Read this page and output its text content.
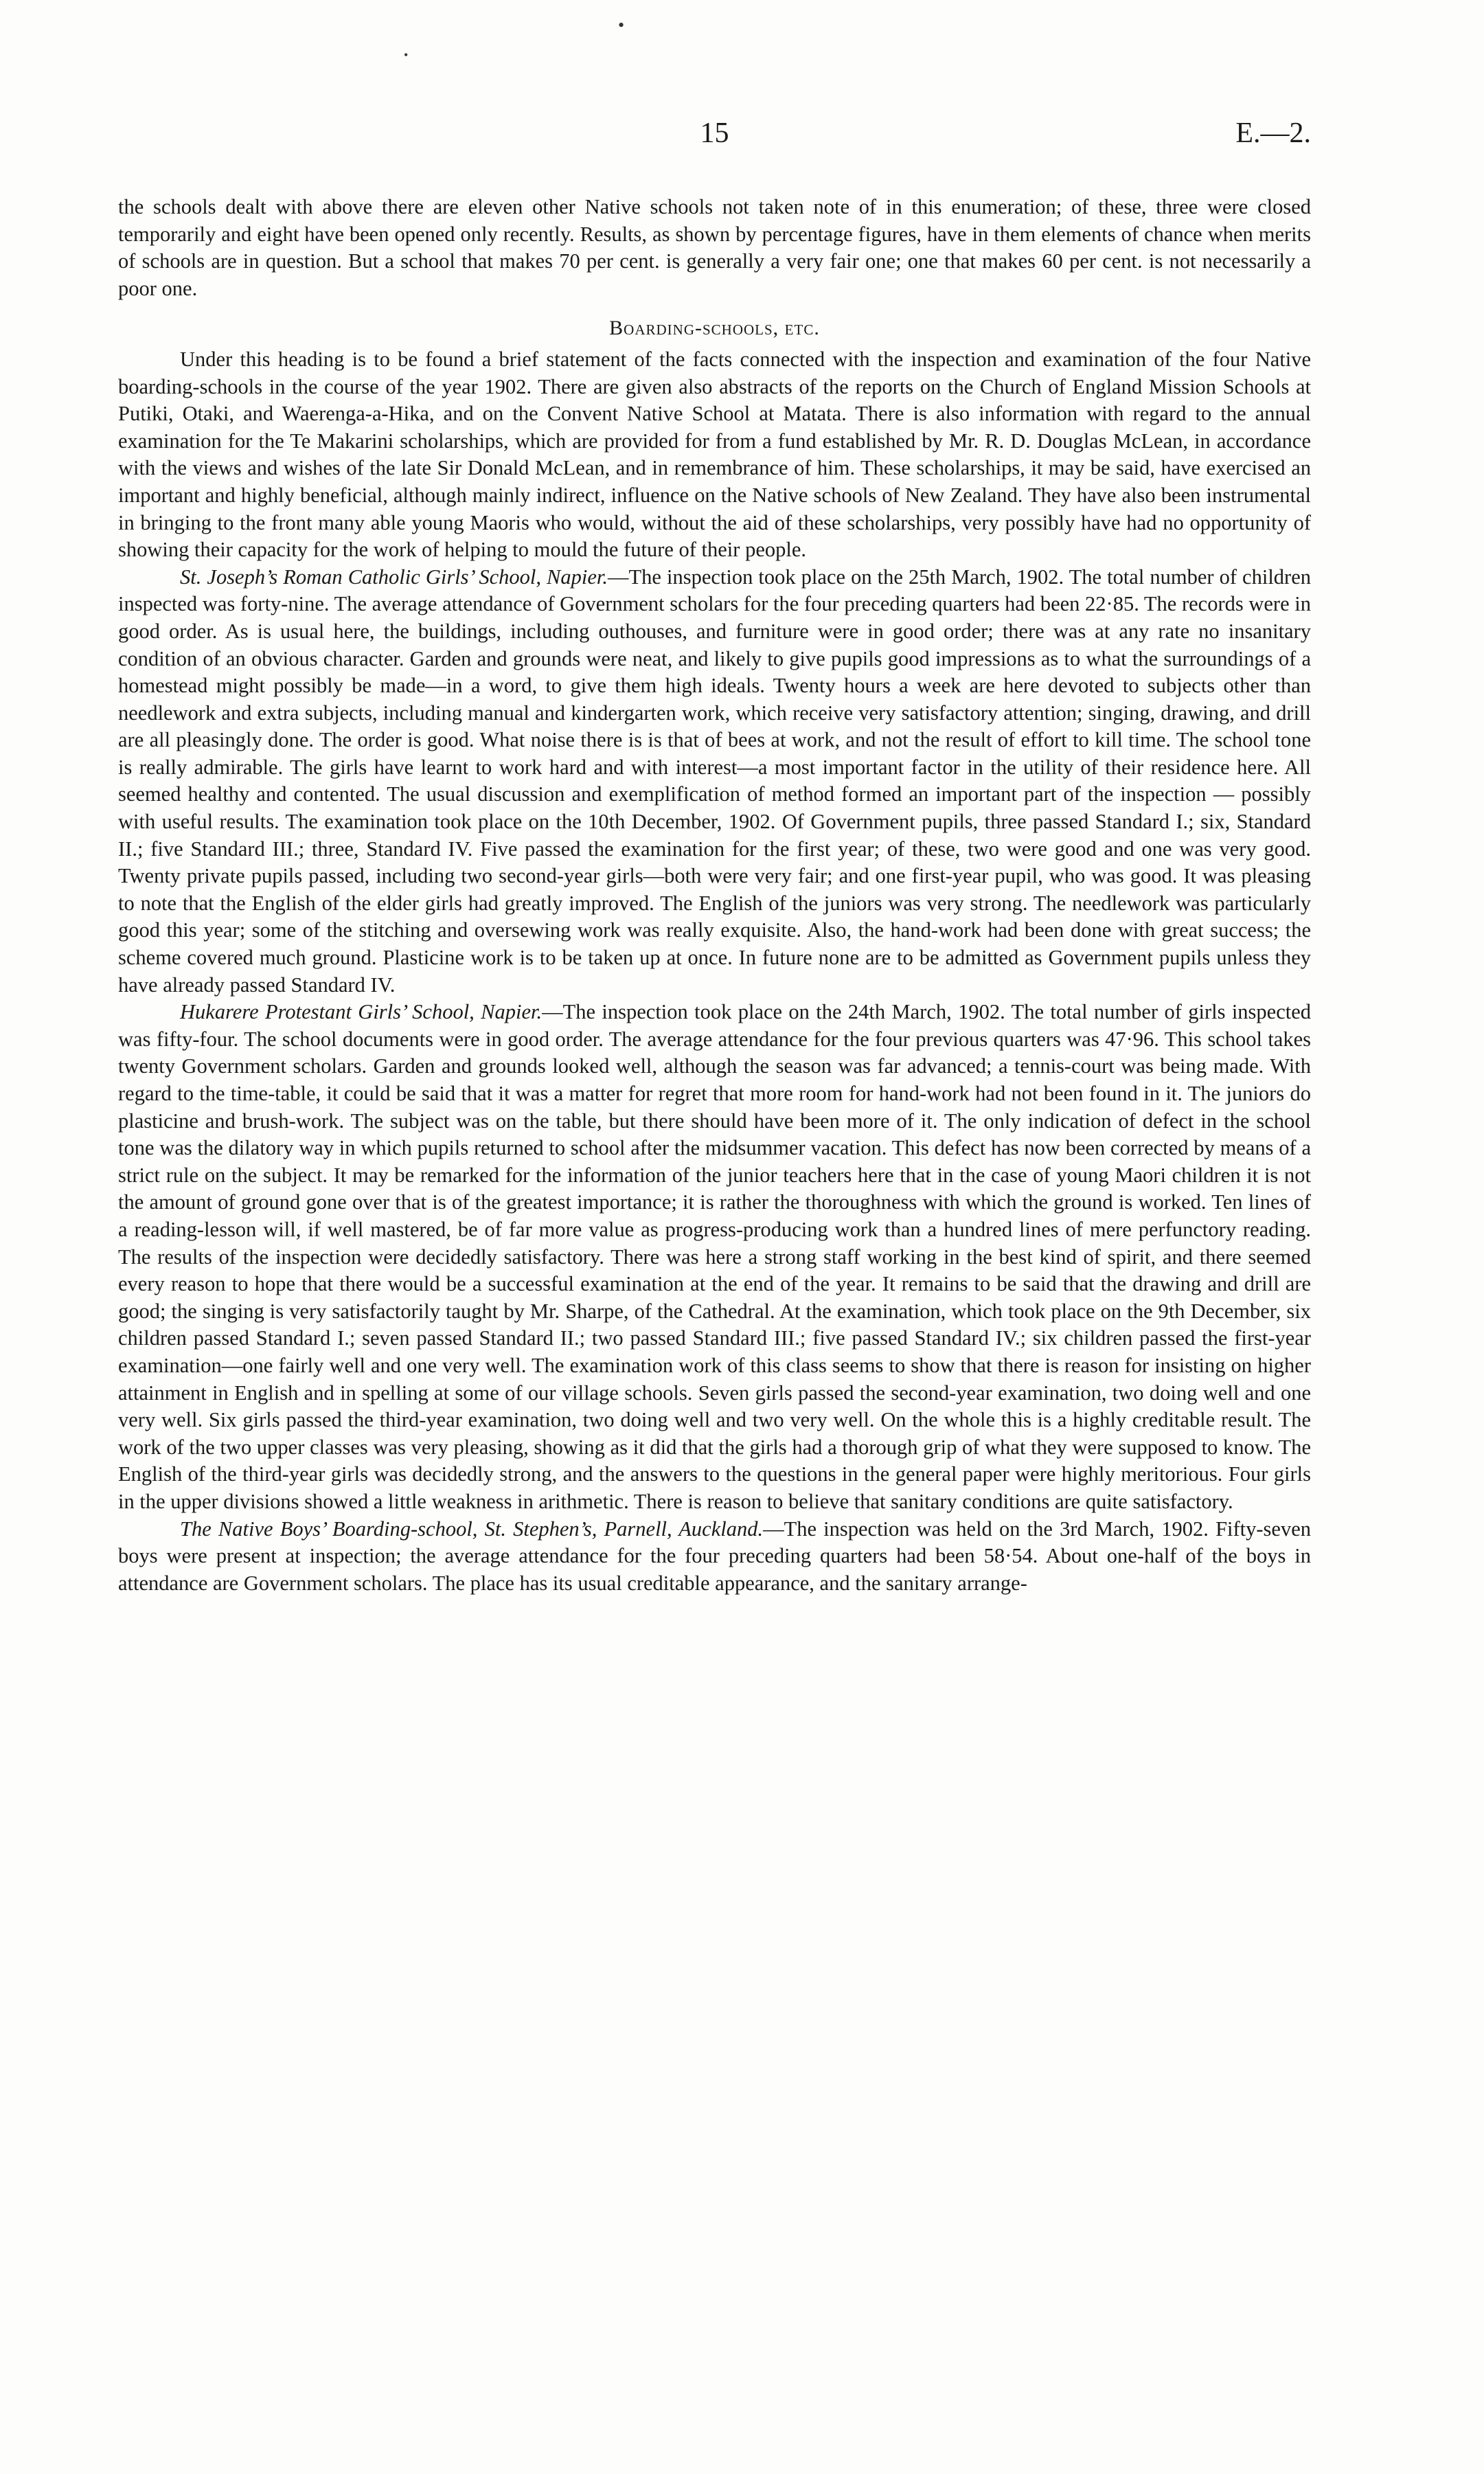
•
•
15	E.—2.

the schools dealt with above there are eleven other Native schools not taken note of in this enumeration; of these, three were closed temporarily and eight have been opened only recently. Results, as shown by percentage figures, have in them elements of chance when merits of schools are in question. But a school that makes 70 per cent. is generally a very fair one; one that makes 60 per cent. is not necessarily a poor one.

Boarding-schools, etc.

Under this heading is to be found a brief statement of the facts connected with the inspection and examination of the four Native boarding-schools in the course of the year 1902. There are given also abstracts of the reports on the Church of England Mission Schools at Putiki, Otaki, and Waerenga-a-Hika, and on the Convent Native School at Matata. There is also information with regard to the annual examination for the Te Makarini scholarships, which are provided for from a fund established by Mr. R. D. Douglas McLean, in accordance with the views and wishes of the late Sir Donald McLean, and in remembrance of him. These scholarships, it may be said, have exercised an important and highly beneficial, although mainly indirect, influence on the Native schools of New Zealand. They have also been instrumental in bringing to the front many able young Maoris who would, without the aid of these scholarships, very possibly have had no opportunity of showing their capacity for the work of helping to mould the future of their people.

St. Joseph’s Roman Catholic Girls’ School, Napier.—The inspection took place on the 25th March, 1902. The total number of children inspected was forty-nine. The average attendance of Government scholars for the four preceding quarters had been 22·85. The records were in good order. As is usual here, the buildings, including outhouses, and furniture were in good order; there was at any rate no insanitary condition of an obvious character. Garden and grounds were neat, and likely to give pupils good impressions as to what the surroundings of a homestead might possibly be made—in a word, to give them high ideals. Twenty hours a week are here devoted to subjects other than needlework and extra subjects, including manual and kindergarten work, which receive very satisfactory attention; singing, drawing, and drill are all pleasingly done. The order is good. What noise there is is that of bees at work, and not the result of effort to kill time. The school tone is really admirable. The girls have learnt to work hard and with interest—a most important factor in the utility of their residence here. All seemed healthy and contented. The usual discussion and exemplification of method formed an important part of the inspection — possibly with useful results. The examination took place on the 10th December, 1902. Of Government pupils, three passed Standard I.; six, Standard II.; five Standard III.; three, Standard IV. Five passed the examination for the first year; of these, two were good and one was very good. Twenty private pupils passed, including two second-year girls—both were very fair; and one first-year pupil, who was good. It was pleasing to note that the English of the elder girls had greatly improved. The English of the juniors was very strong. The needlework was particularly good this year; some of the stitching and oversewing work was really exquisite. Also, the hand-work had been done with great success; the scheme covered much ground. Plasticine work is to be taken up at once. In future none are to be admitted as Government pupils unless they have already passed Standard IV.

Hukarere Protestant Girls’ School, Napier.—The inspection took place on the 24th March, 1902. The total number of girls inspected was fifty-four. The school documents were in good order. The average attendance for the four previous quarters was 47·96. This school takes twenty Government scholars. Garden and grounds looked well, although the season was far advanced; a tennis-court was being made. With regard to the time-table, it could be said that it was a matter for regret that more room for hand-work had not been found in it. The juniors do plasticine and brush-work. The subject was on the table, but there should have been more of it. The only indication of defect in the school tone was the dilatory way in which pupils returned to school after the midsummer vacation. This defect has now been corrected by means of a strict rule on the subject. It may be remarked for the information of the junior teachers here that in the case of young Maori children it is not the amount of ground gone over that is of the greatest importance; it is rather the thoroughness with which the ground is worked. Ten lines of a reading-lesson will, if well mastered, be of far more value as progress-producing work than a hundred lines of mere perfunctory reading. The results of the inspection were decidedly satisfactory. There was here a strong staff working in the best kind of spirit, and there seemed every reason to hope that there would be a successful examination at the end of the year. It remains to be said that the drawing and drill are good; the singing is very satisfactorily taught by Mr. Sharpe, of the Cathedral. At the examination, which took place on the 9th December, six children passed Standard I.; seven passed Standard II.; two passed Standard III.; five passed Standard IV.; six children passed the first-year examination—one fairly well and one very well. The examination work of this class seems to show that there is reason for insisting on higher attainment in English and in spelling at some of our village schools. Seven girls passed the second-year examination, two doing well and one very well. Six girls passed the third-year examination, two doing well and two very well. On the whole this is a highly creditable result. The work of the two upper classes was very pleasing, showing as it did that the girls had a thorough grip of what they were supposed to know. The English of the third-year girls was decidedly strong, and the answers to the questions in the general paper were highly meritorious. Four girls in the upper divisions showed a little weakness in arithmetic. There is reason to believe that sanitary conditions are quite satisfactory.

The Native Boys’ Boarding-school, St. Stephen’s, Parnell, Auckland.—The inspection was held on the 3rd March, 1902. Fifty-seven boys were present at inspection; the average attendance for the four preceding quarters had been 58·54. About one-half of the boys in attendance are Government scholars. The place has its usual creditable appearance, and the sanitary arrange-
